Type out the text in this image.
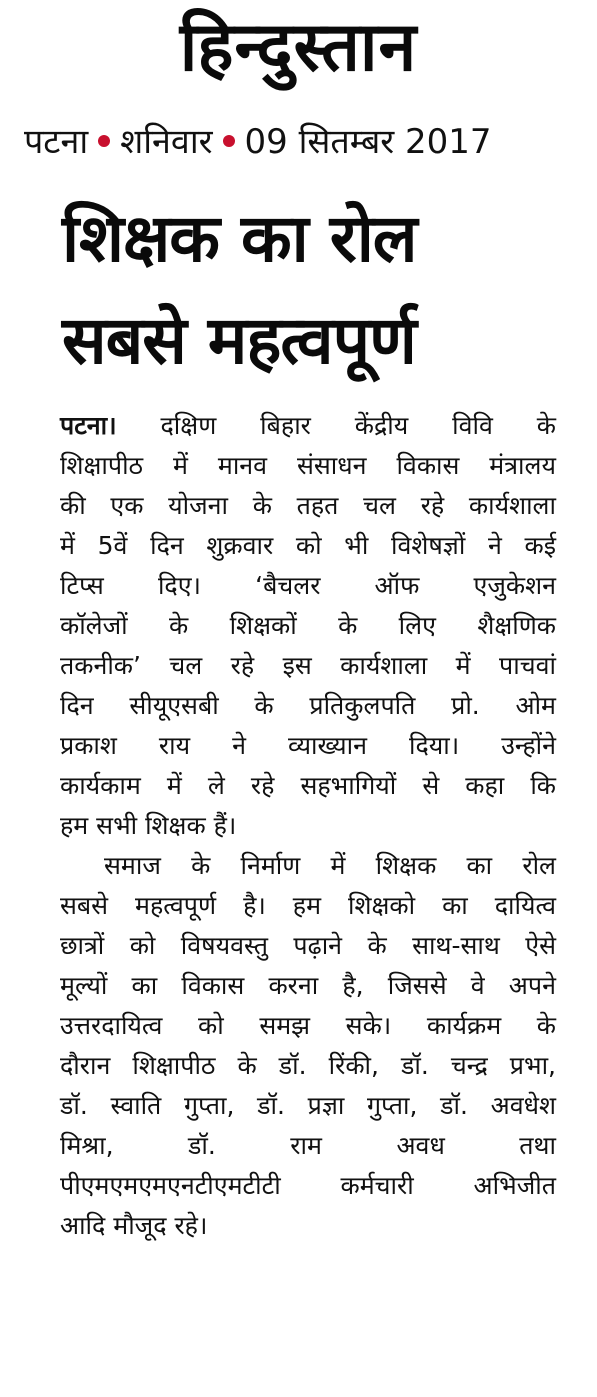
हिन्दुस्तान
पटना शनिवार 09 सितम्बर 2017
शिक्षक का रोल
सबसे महत्वपूर्ण
पटना। दक्षिण बिहार केंद्रीय विवि के
शिक्षापीठ में मानव संसाधन विकास मंत्रालय
की एक योजना के तहत चल रहे कार्यशाला
में 5वें दिन शुक्रवार को भी विशेषज्ञों ने कई
टिप्स दिए। ‘बैचलर ऑफ एजुकेशन
कॉलेजों के शिक्षकों के लिए शैक्षणिक
तकनीक’ चल रहे इस कार्यशाला में पाचवां
दिन सीयूएसबी के प्रतिकुलपति प्रो. ओम
प्रकाश राय ने व्याख्यान दिया। उन्होंने
कार्यकाम में ले रहे सहभागियों से कहा कि
हम सभी शिक्षक हैं।
समाज के निर्माण में शिक्षक का रोल
सबसे महत्वपूर्ण है। हम शिक्षको का दायित्व
छात्रों को विषयवस्तु पढ़ाने के साथ-साथ ऐसे
मूल्यों का विकास करना है, जिससे वे अपने
उत्तरदायित्व को समझ सके। कार्यक्रम के
दौरान शिक्षापीठ के डॉ. रिंकी, डॉ. चन्द्र प्रभा,
डॉ. स्वाति गुप्ता, डॉ. प्रज्ञा गुप्ता, डॉ. अवधेश
मिश्रा, डॉ. राम अवध तथा
पीएमएमएमएनटीएमटीटी कर्मचारी अभिजीत
आदि मौजूद रहे।
